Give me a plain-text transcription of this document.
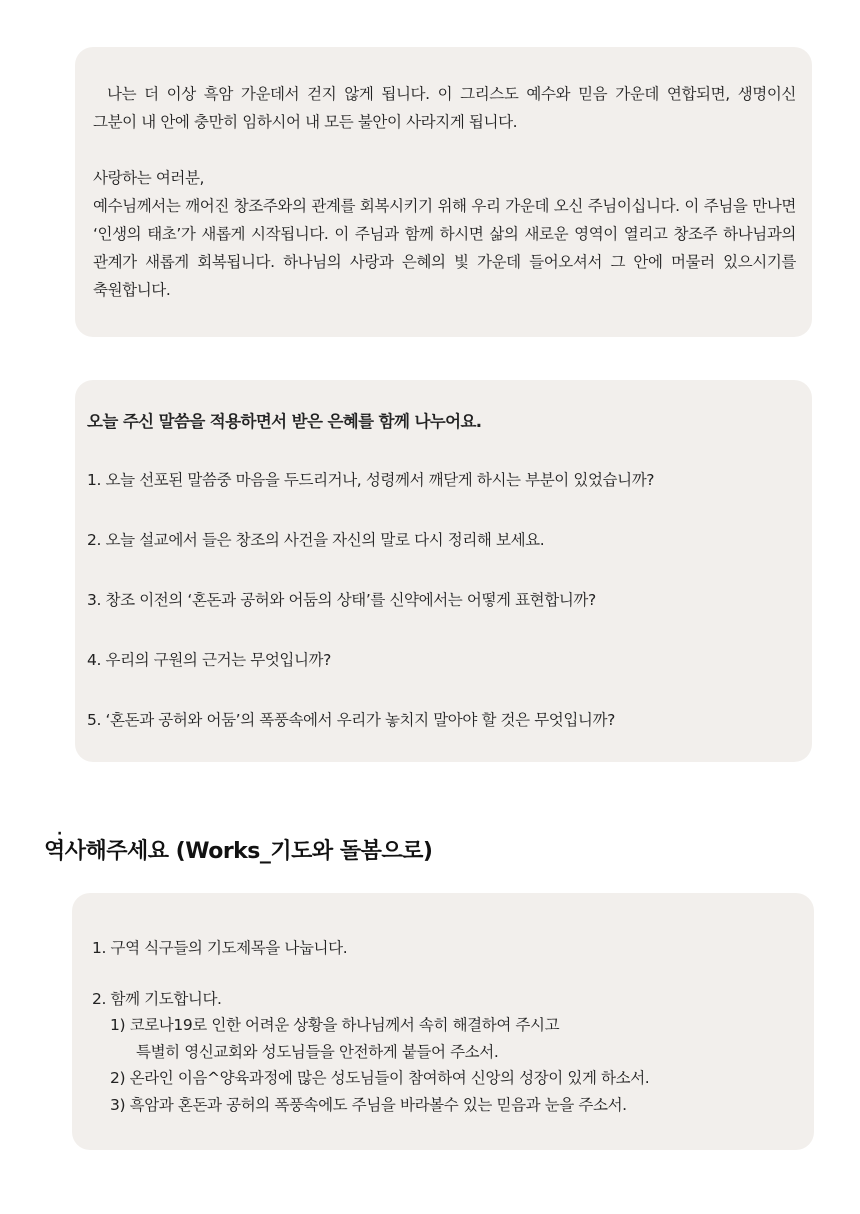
나는 더 이상 흑암 가운데서 걷지 않게 됩니다. 이 그리스도 예수와 믿음 가운데 연합되면, 생명이신 그분이 내 안에 충만히 임하시어 내 모든 불안이 사라지게 됩니다.

사랑하는 여러분,

예수님께서는 깨어진 창조주와의 관계를 회복시키기 위해 우리 가운데 오신 주님이십니다. 이 주님을 만나면 ‘인생의 태초’가 새롭게 시작됩니다. 이 주님과 함께 하시면 삶의 새로운 영역이 열리고 창조주 하나님과의 관계가 새롭게 회복됩니다. 하나님의 사랑과 은혜의 빛 가운데 들어오셔서 그 안에 머물러 있으시기를 축원합니다.

오늘 주신 말씀을 적용하면서 받은 은혜를 함께 나누어요.

1. 오늘 선포된 말씀중 마음을 두드리거나, 성령께서 깨닫게 하시는 부분이 있었습니까?

2. 오늘 설교에서 들은 창조의 사건을 자신의 말로 다시 정리해 보세요.

3. 창조 이전의 ‘혼돈과 공허와 어둠의 상태’를 신약에서는 어떻게 표현합니까?

4. 우리의 구원의 근거는 무엇입니까?

5. ‘혼돈과 공허와 어둠’의 폭풍속에서 우리가 놓치지 말아야 할 것은 무엇입니까?

·
역사해주세요 (Works_기도와 돌봄으로)

1. 구역 식구들의 기도제목을 나눕니다.

2. 함께 기도합니다.

1) 코로나19로 인한 어려운 상황을 하나님께서 속히 해결하여 주시고

특별히 영신교회와 성도님들을 안전하게 붙들어 주소서.

2) 온라인 이음^양육과정에 많은 성도님들이 참여하여 신앙의 성장이 있게 하소서.

3) 흑암과 혼돈과 공허의 폭풍속에도 주님을 바라볼수 있는 믿음과 눈을 주소서.
